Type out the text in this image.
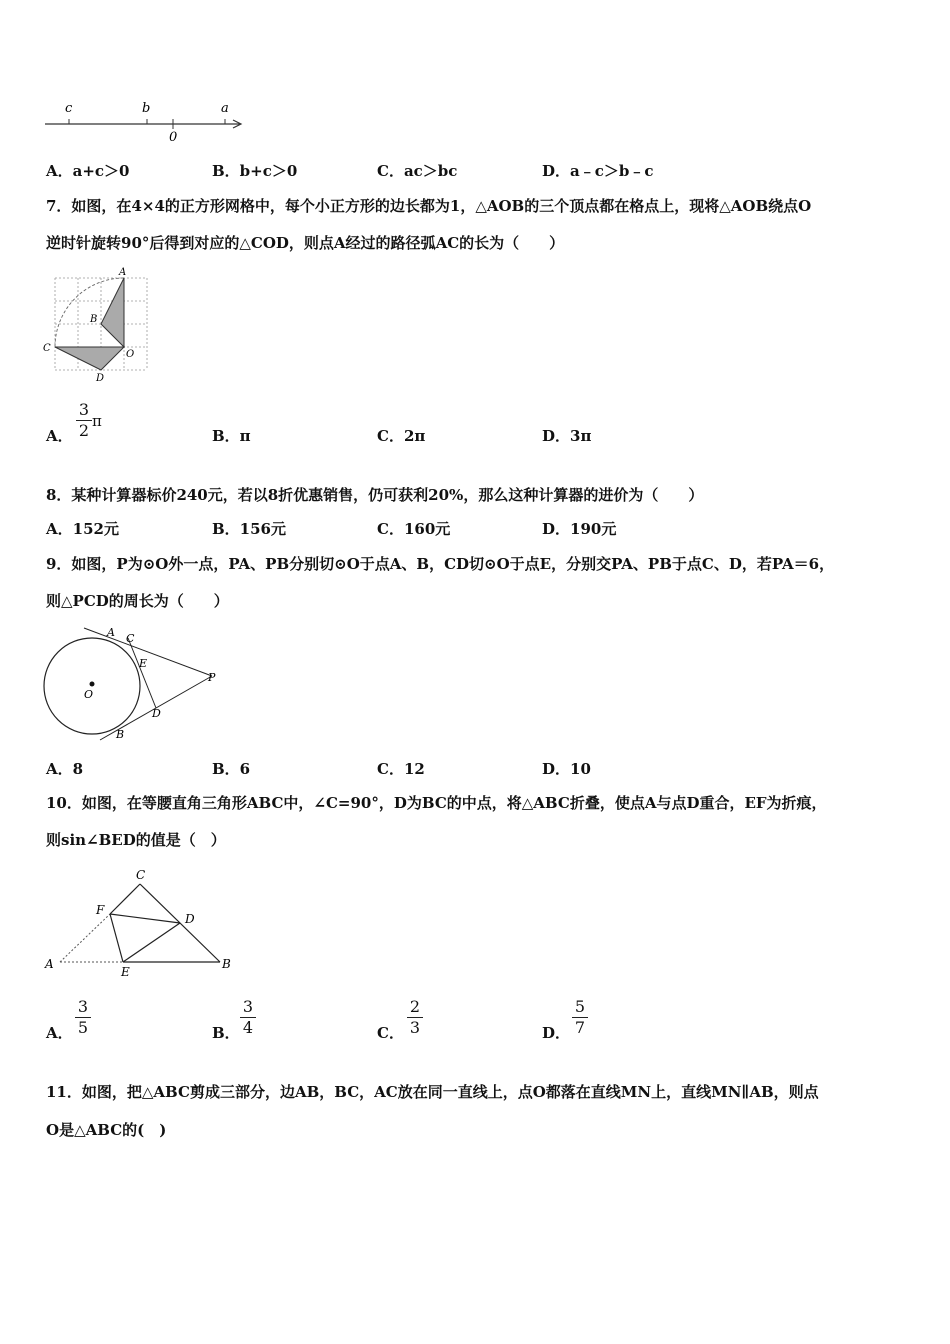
c	b
0
a
A．a+c＞0	B．b+c＞0	C．ac＞bc	D．a﹣c＞b﹣c
7．如图，在4×4的正方形网格中，每个小正方形的边长都为1，△AOB的三个顶点都在格点上，现将△AOB绕点O
逆时针旋转90°后得到对应的△COD，则点A经过的路径弧AC的长为（　　）
A
B
C
O
D
A．
3
2 π
B．π	C．2π	D．3π
8．某种计算器标价240元，若以8折优惠销售，仍可获利20%，那么这种计算器的进价为（　　）
A．152元	B．156元	C．160元	D．190元
9．如图，P为⊙O外一点，PA、PB分别切⊙O于点A、B，CD切⊙O于点E，分别交PA、PB于点C、D，若PA＝6，
则△PCD的周长为（　　）
A C
E
O
P
D
B
A．8	B．6	C．12	D．10
10．如图，在等腰直角三角形ABC中，∠C=90°，D为BC的中点，将△ABC折叠，使点A与点D重合，EF为折痕，
则sin∠BED的值是（　）
C
F
D
A
E
B
A．
3
5	B．
3
4	C．
2
3	D．
5
7
11．如图，把△ABC剪成三部分，边AB，BC，AC放在同一直线上，点O都落在直线MN上，直线MN∥AB，则点
O是△ABC的(　)
